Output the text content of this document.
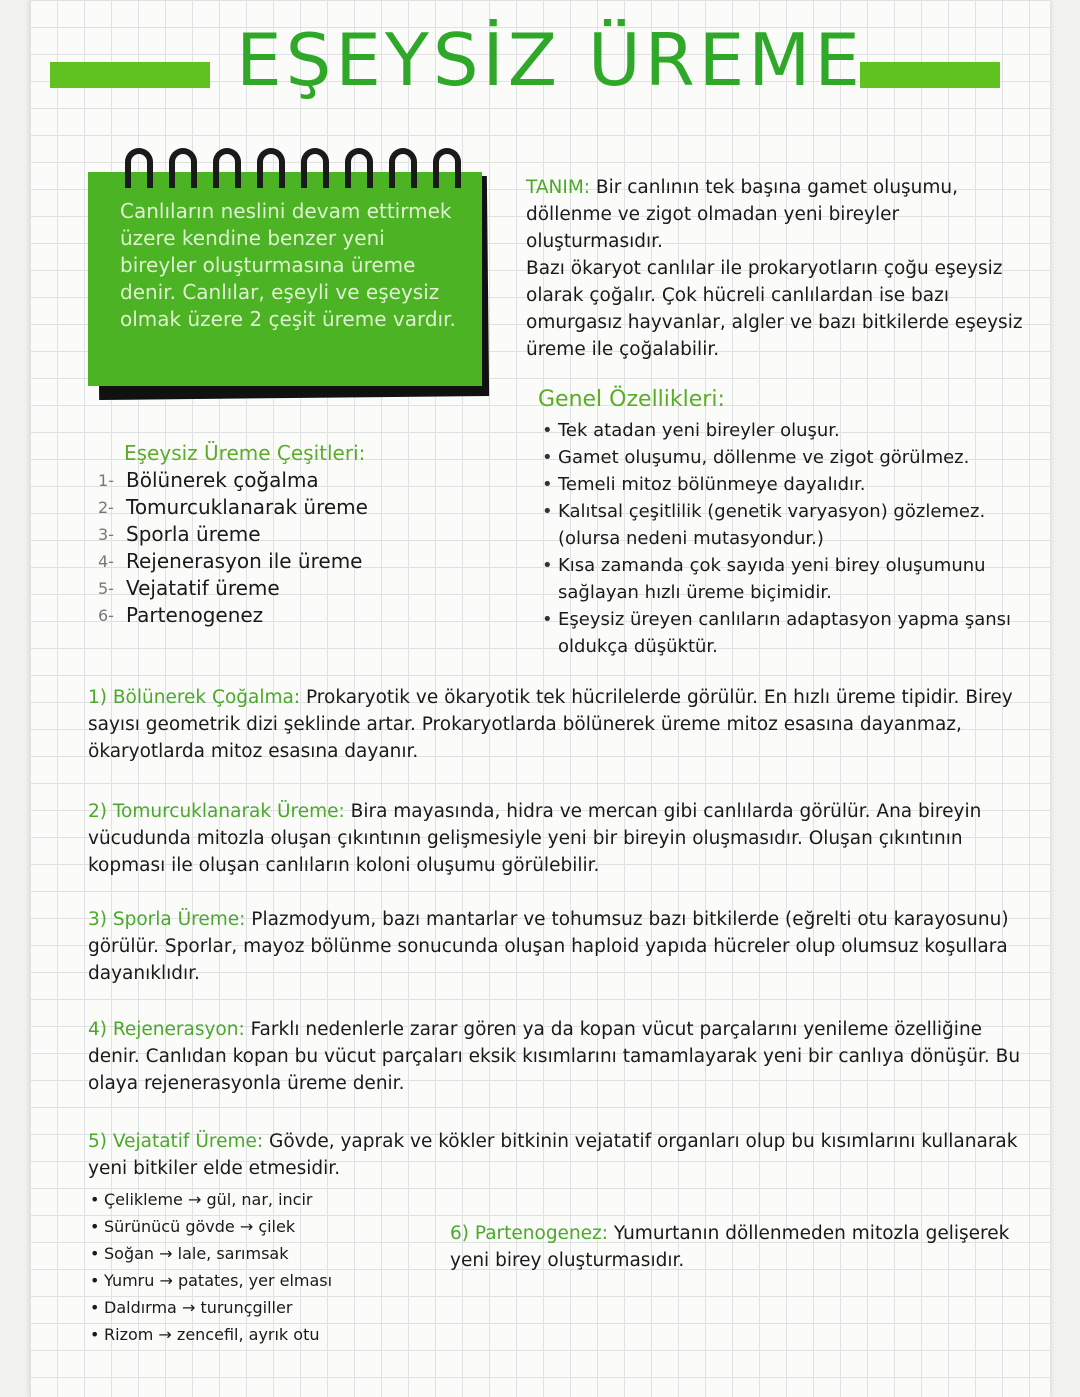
EŞEYSİZ ÜREME
Canlıların neslini devam ettirmek üzere kendine benzer yeni bireyler oluşturmasına üreme denir. Canlılar, eşeyli ve eşeysiz olmak üzere 2 çeşit üreme vardır.
TANIM: Bir canlının tek başına gamet oluşumu, döllenme ve zigot olmadan yeni bireyler oluşturmasıdır.
Bazı ökaryot canlılar ile prokaryotların çoğu eşeysiz olarak çoğalır. Çok hücreli canlılardan ise bazı omurgasız hayvanlar, algler ve bazı bitkilerde eşeysiz üreme ile çoğalabilir.
Genel Özellikleri:
• Tek atadan yeni bireyler oluşur.
• Gamet oluşumu, döllenme ve zigot görülmez.
• Temeli mitoz bölünmeye dayalıdır.
• Kalıtsal çeşitlilik (genetik varyasyon) gözlemez. (olursa nedeni mutasyondur.)
• Kısa zamanda çok sayıda yeni birey oluşumunu sağlayan hızlı üreme biçimidir.
• Eşeysiz üreyen canlıların adaptasyon yapma şansı oldukça düşüktür.
Eşeysiz Üreme Çeşitleri:
1- Bölünerek çoğalma
2- Tomurcuklanarak üreme
3- Sporla üreme
4- Rejenerasyon ile üreme
5- Vejatatif üreme
6- Partenogenez
1) Bölünerek Çoğalma: Prokaryotik ve ökaryotik tek hücrilelerde görülür. En hızlı üreme tipidir. Birey sayısı geometrik dizi şeklinde artar. Prokaryotlarda bölünerek üreme mitoz esasına dayanmaz, ökaryotlarda mitoz esasına dayanır.
2) Tomurcuklanarak Üreme: Bira mayasında, hidra ve mercan gibi canlılarda görülür. Ana bireyin vücudunda mitozla oluşan çıkıntının gelişmesiyle yeni bir bireyin oluşmasıdır. Oluşan çıkıntının kopması ile oluşan canlıların koloni oluşumu görülebilir.
3) Sporla Üreme: Plazmodyum, bazı mantarlar ve tohumsuz bazı bitkilerde (eğrelti otu karayosunu) görülür. Sporlar, mayoz bölünme sonucunda oluşan haploid yapıda hücreler olup olumsuz koşullara dayanıklıdır.
4) Rejenerasyon: Farklı nedenlerle zarar gören ya da kopan vücut parçalarını yenileme özelliğine denir. Canlıdan kopan bu vücut parçaları eksik kısımlarını tamamlayarak yeni bir canlıya dönüşür. Bu olaya rejenerasyonla üreme denir.
5) Vejatatif Üreme: Gövde, yaprak ve kökler bitkinin vejatatif organları olup bu kısımlarını kullanarak yeni bitkiler elde etmesidir.
• Çelikleme → gül, nar, incir
• Sürünücü gövde → çilek
• Soğan → lale, sarımsak
• Yumru → patates, yer elması
• Daldırma → turunçgiller
• Rizom → zencefil, ayrık otu
6) Partenogenez: Yumurtanın döllenmeden mitozla gelişerek yeni birey oluşturmasıdır.
